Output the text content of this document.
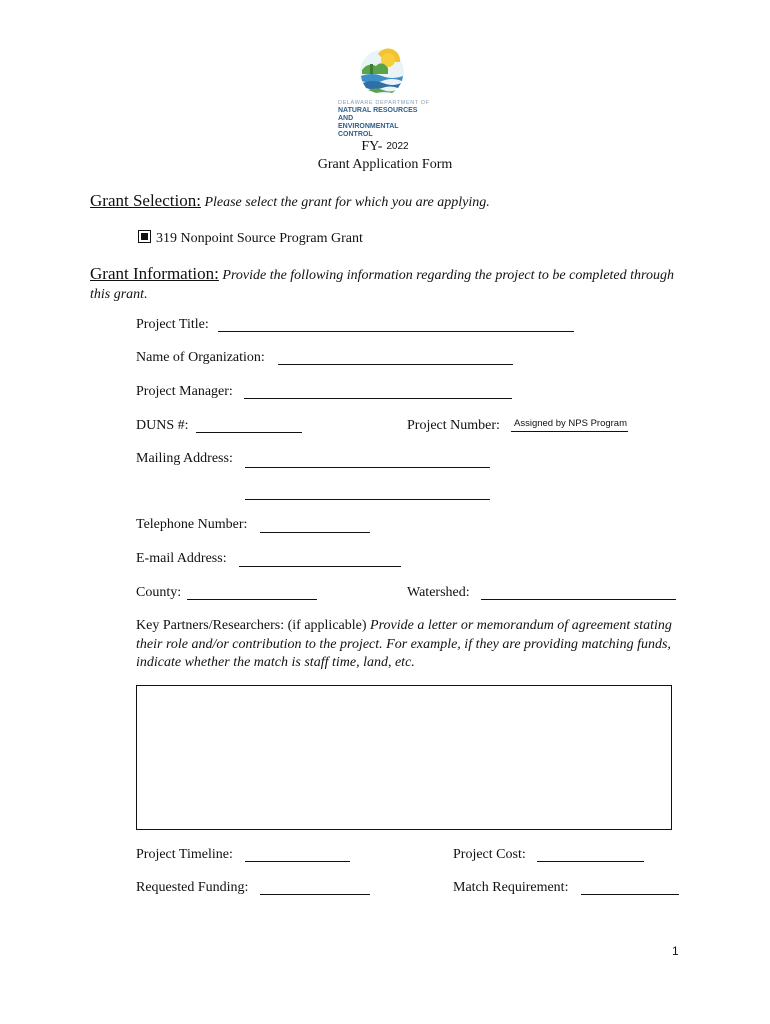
DELAWARE DEPARTMENT OF
NATURAL RESOURCES AND
ENVIRONMENTAL CONTROL
FY- 2022
Grant Application Form
Grant Selection: Please select the grant for which you are applying.
319 Nonpoint Source Program Grant
Grant Information: Provide the following information regarding the project to be completed through this grant.
Project Title:
Name of Organization:
Project Manager:
DUNS #:	Project Number:	Assigned by NPS Program
Mailing Address:
Telephone Number:
E-mail Address:
County:	Watershed:
Key Partners/Researchers: (if applicable) Provide a letter or memorandum of agreement stating their role and/or contribution to the project. For example, if they are providing matching funds, indicate whether the match is staff time, land, etc.
Project Timeline:	Project Cost:
Requested Funding:	Match Requirement:
1
